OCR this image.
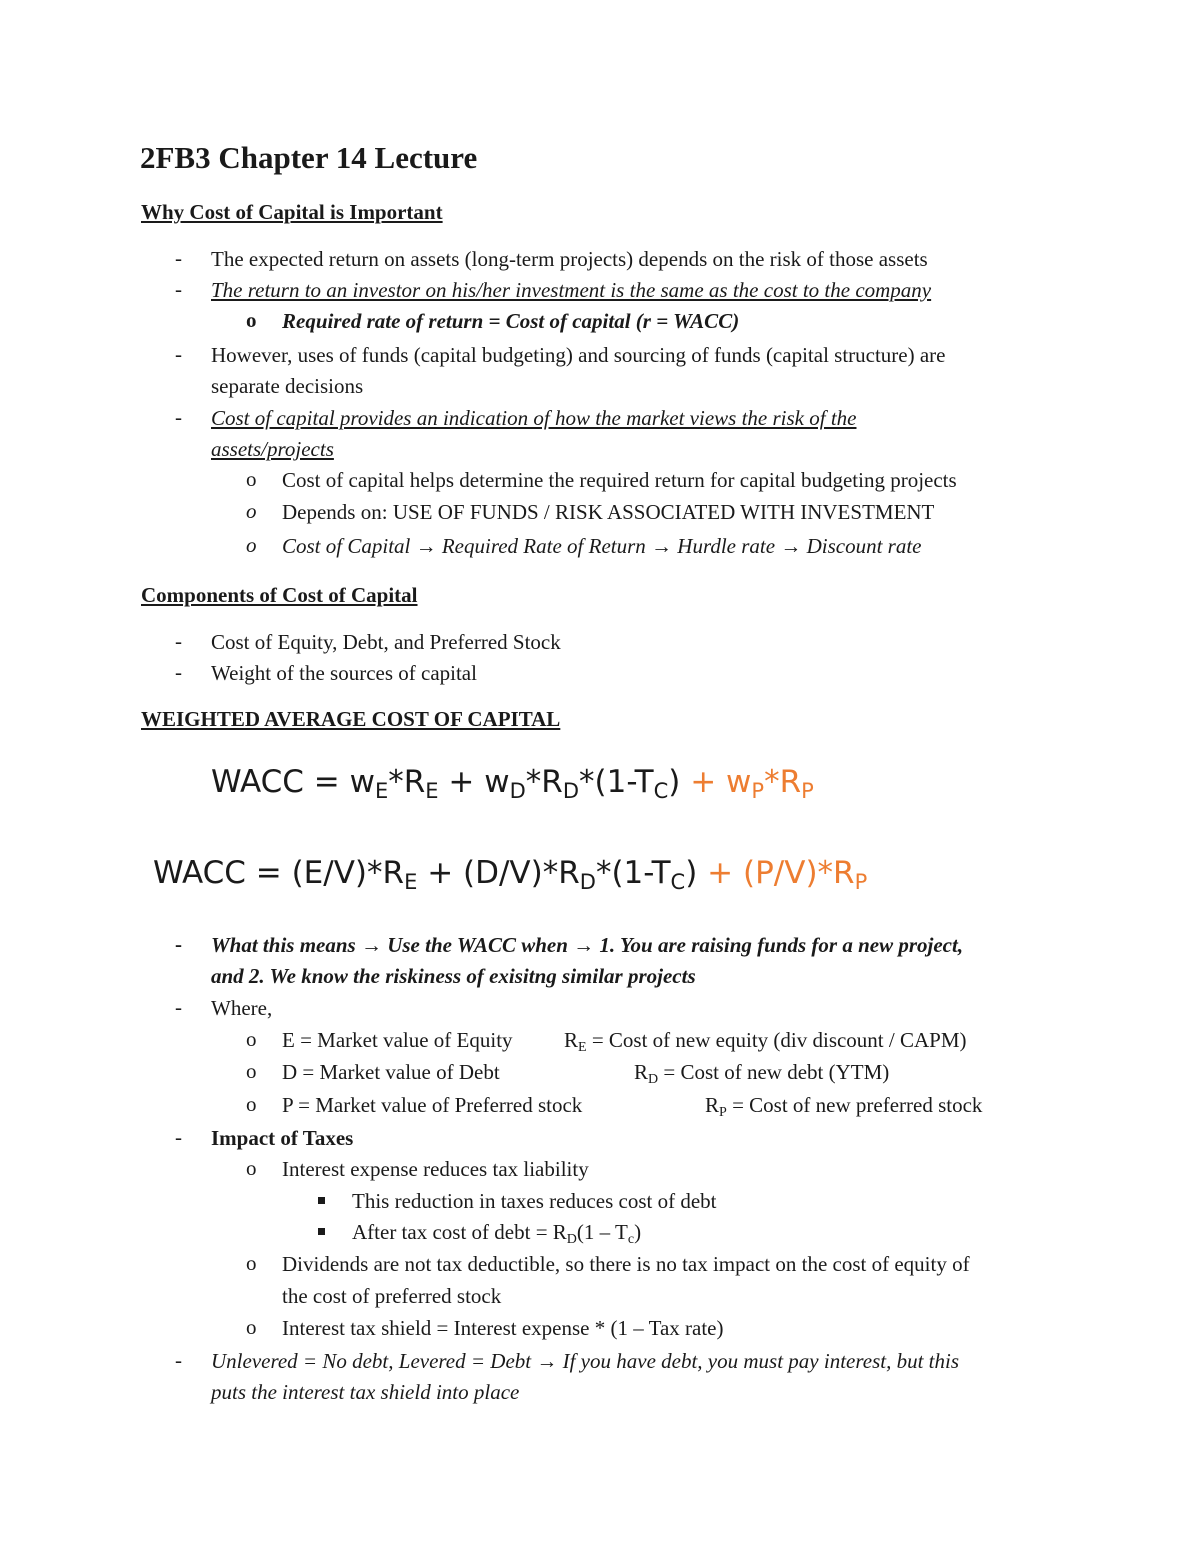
2FB3 Chapter 14 Lecture
Why Cost of Capital is Important
- The expected return on assets (long-term projects) depends on the risk of those assets
- The return to an investor on his/her investment is the same as the cost to the company
o Required rate of return = Cost of capital (r = WACC)
- However, uses of funds (capital budgeting) and sourcing of funds (capital structure) are
separate decisions
- Cost of capital provides an indication of how the market views the risk of the
assets/projects
o Cost of capital helps determine the required return for capital budgeting projects
o Depends on: USE OF FUNDS / RISK ASSOCIATED WITH INVESTMENT
o Cost of Capital → Required Rate of Return → Hurdle rate → Discount rate
Components of Cost of Capital
- Cost of Equity, Debt, and Preferred Stock
- Weight of the sources of capital
WEIGHTED AVERAGE COST OF CAPITAL
WACC = $w_E*R_E + w_D*R_D*(1-T_C) + w_P*R_P$
WACC = $(E/V)*R_E + (D/V)*R_D*(1-T_C) + (P/V)*R_P$
- What this means → Use the WACC when → 1. You are raising funds for a new project,
and 2. We know the riskiness of exisitng similar projects
- Where,
o E = Market value of Equity $R_E$ = Cost of new equity (div discount / CAPM)
o D = Market value of Debt	$R_D$ = Cost of new debt (YTM)
o P = Market value of Preferred stock	$R_P$ = Cost of new preferred stock
- Impact of Taxes
o Interest expense reduces tax liability
This reduction in taxes reduces cost of debt
After tax cost of debt = $R_D(1 - T_c)$
o Dividends are not tax deductible, so there is no tax impact on the cost of equity of
the cost of preferred stock
o Interest tax shield = Interest expense * (1 – Tax rate)
- Unlevered = No debt, Levered = Debt → If you have debt, you must pay interest, but this
puts the interest tax shield into place
